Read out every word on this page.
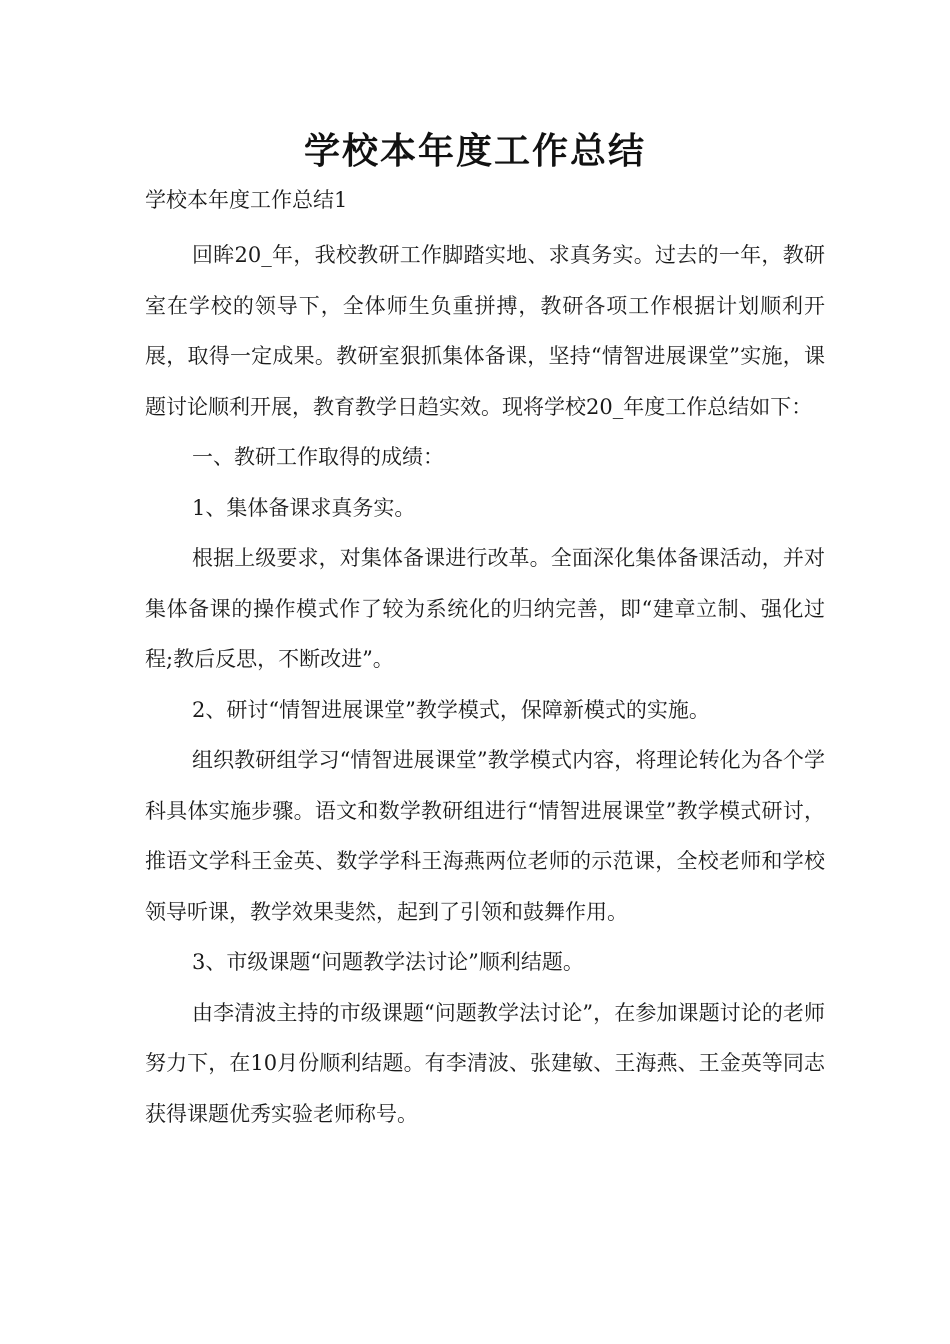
学校本年度工作总结

学校本年度工作总结1

回眸20_年，我校教研工作脚踏实地、求真务实。过去的一年，教研室在学校的领导下，全体师生负重拼搏，教研各项工作根据计划顺利开展，取得一定成果。教研室狠抓集体备课，坚持“情智进展课堂”实施，课题讨论顺利开展，教育教学日趋实效。现将学校20_年度工作总结如下：

一、教研工作取得的成绩：

1、集体备课求真务实。

根据上级要求，对集体备课进行改革。全面深化集体备课活动，并对集体备课的操作模式作了较为系统化的归纳完善，即“建章立制、强化过程;教后反思，不断改进”。

2、研讨“情智进展课堂”教学模式，保障新模式的实施。

组织教研组学习“情智进展课堂”教学模式内容，将理论转化为各个学科具体实施步骤。语文和数学教研组进行“情智进展课堂”教学模式研讨，推语文学科王金英、数学学科王海燕两位老师的示范课，全校老师和学校领导听课，教学效果斐然，起到了引领和鼓舞作用。

3、市级课题“问题教学法讨论”顺利结题。

由李清波主持的市级课题“问题教学法讨论”，在参加课题讨论的老师努力下，在10月份顺利结题。有李清波、张建敏、王海燕、王金英等同志获得课题优秀实验老师称号。
